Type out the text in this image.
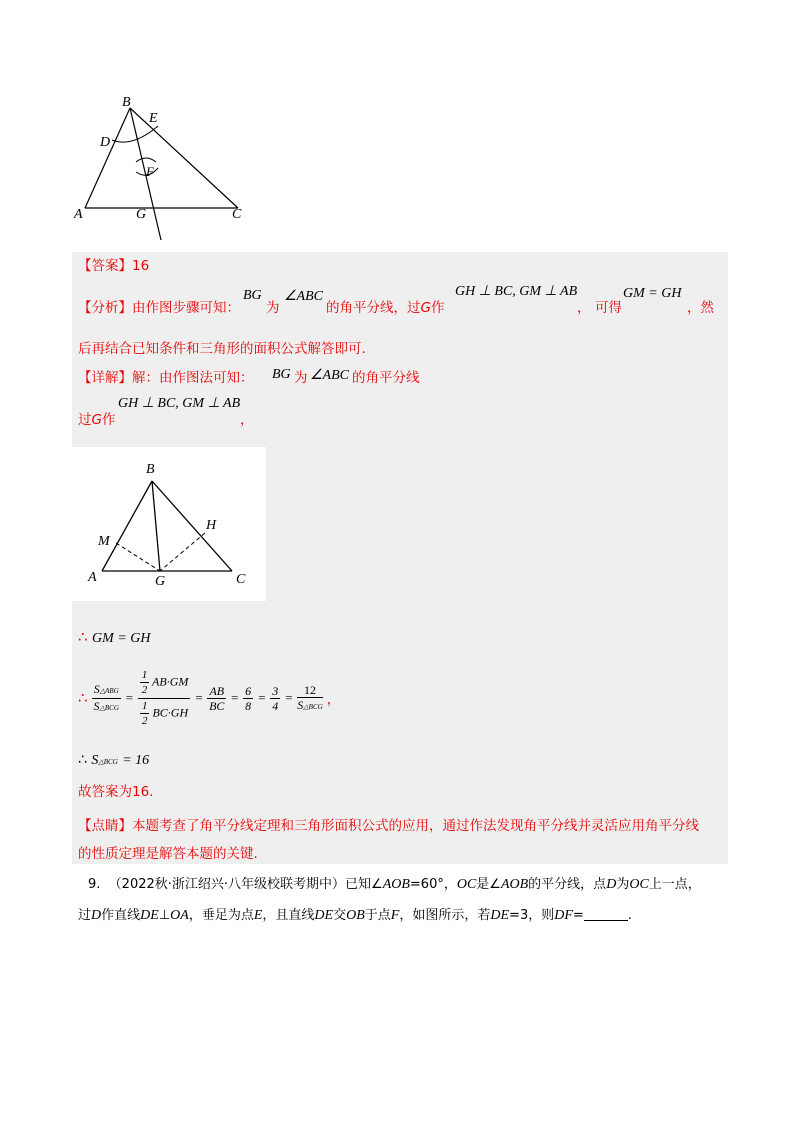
B
E
D
F
A	G	C
【答案】16
【分析】由作图步骤可知：
BG
为
∠ABC
的角平分线，过G作
GH ⊥ BC, GM ⊥ AB
， 可得
GM = GH
，然
后再结合已知条件和三角形的面积公式解答即可.
【详解】解：由作图法可知： BG 为 ∠ABC 的角平分线
过G作
GH ⊥ BC, GM ⊥ AB
，
B
H
M
A	G	C
∴ GM = GH
∴ $\frac{\text{S△ABG}}{\text{S△BCG}} = \frac{\frac{1}{2} AB\cdot GM}{\frac{1}{2} BC\cdot GH} = \frac{AB}{BC} = \frac{6}{8} = \frac{3}{4} = \frac{12}{\text{S△BCG}}$ ，
∴ S△BCG = 16
故答案为16.
【点睛】本题考查了角平分线定理和三角形面积公式的应用，通过作法发现角平分线并灵活应用角平分线
的性质定理是解答本题的关键.
9. （2022秋·浙江绍兴·八年级校联考期中）已知∠AOB=60°，OC是∠AOB的平分线，点D为OC上一点，
过D作直线DE⊥OA，垂足为点E，且直线DE交OB于点F，如图所示，若DE=3，则DF=	.
